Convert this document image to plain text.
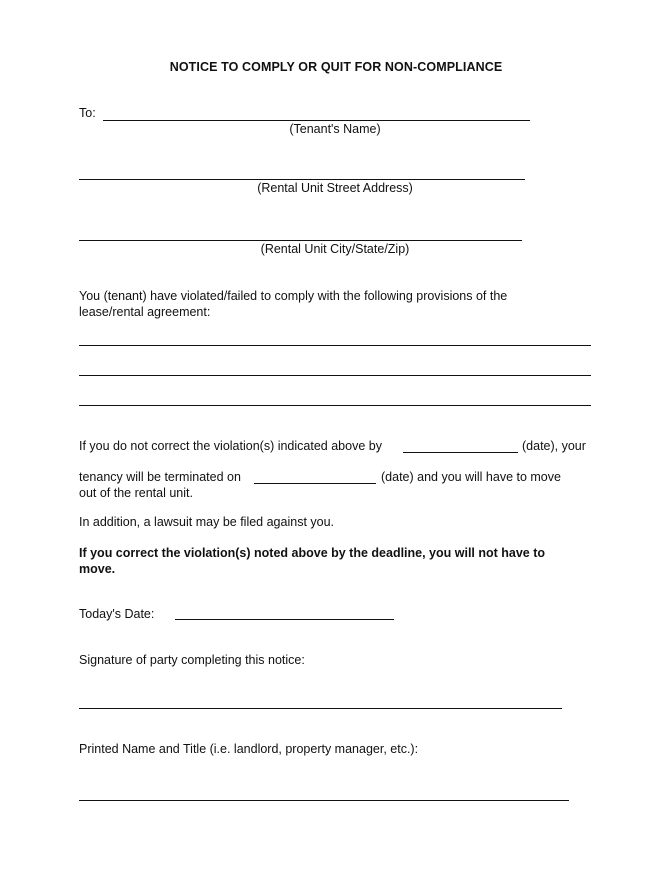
NOTICE TO COMPLY OR QUIT FOR NON-COMPLIANCE
To:
(Tenant's Name)
(Rental Unit Street Address)
(Rental Unit City/State/Zip)
You (tenant) have violated/failed to comply with the following provisions of the lease/rental agreement:
If you do not correct the violation(s) indicated above by	(date), your
tenancy will be terminated on	(date) and you will have to move
out of the rental unit.
In addition, a lawsuit may be filed against you.
If you correct the violation(s) noted above by the deadline, you will not have to move.
Today's Date:
Signature of party completing this notice:
Printed Name and Title (i.e. landlord, property manager, etc.):
